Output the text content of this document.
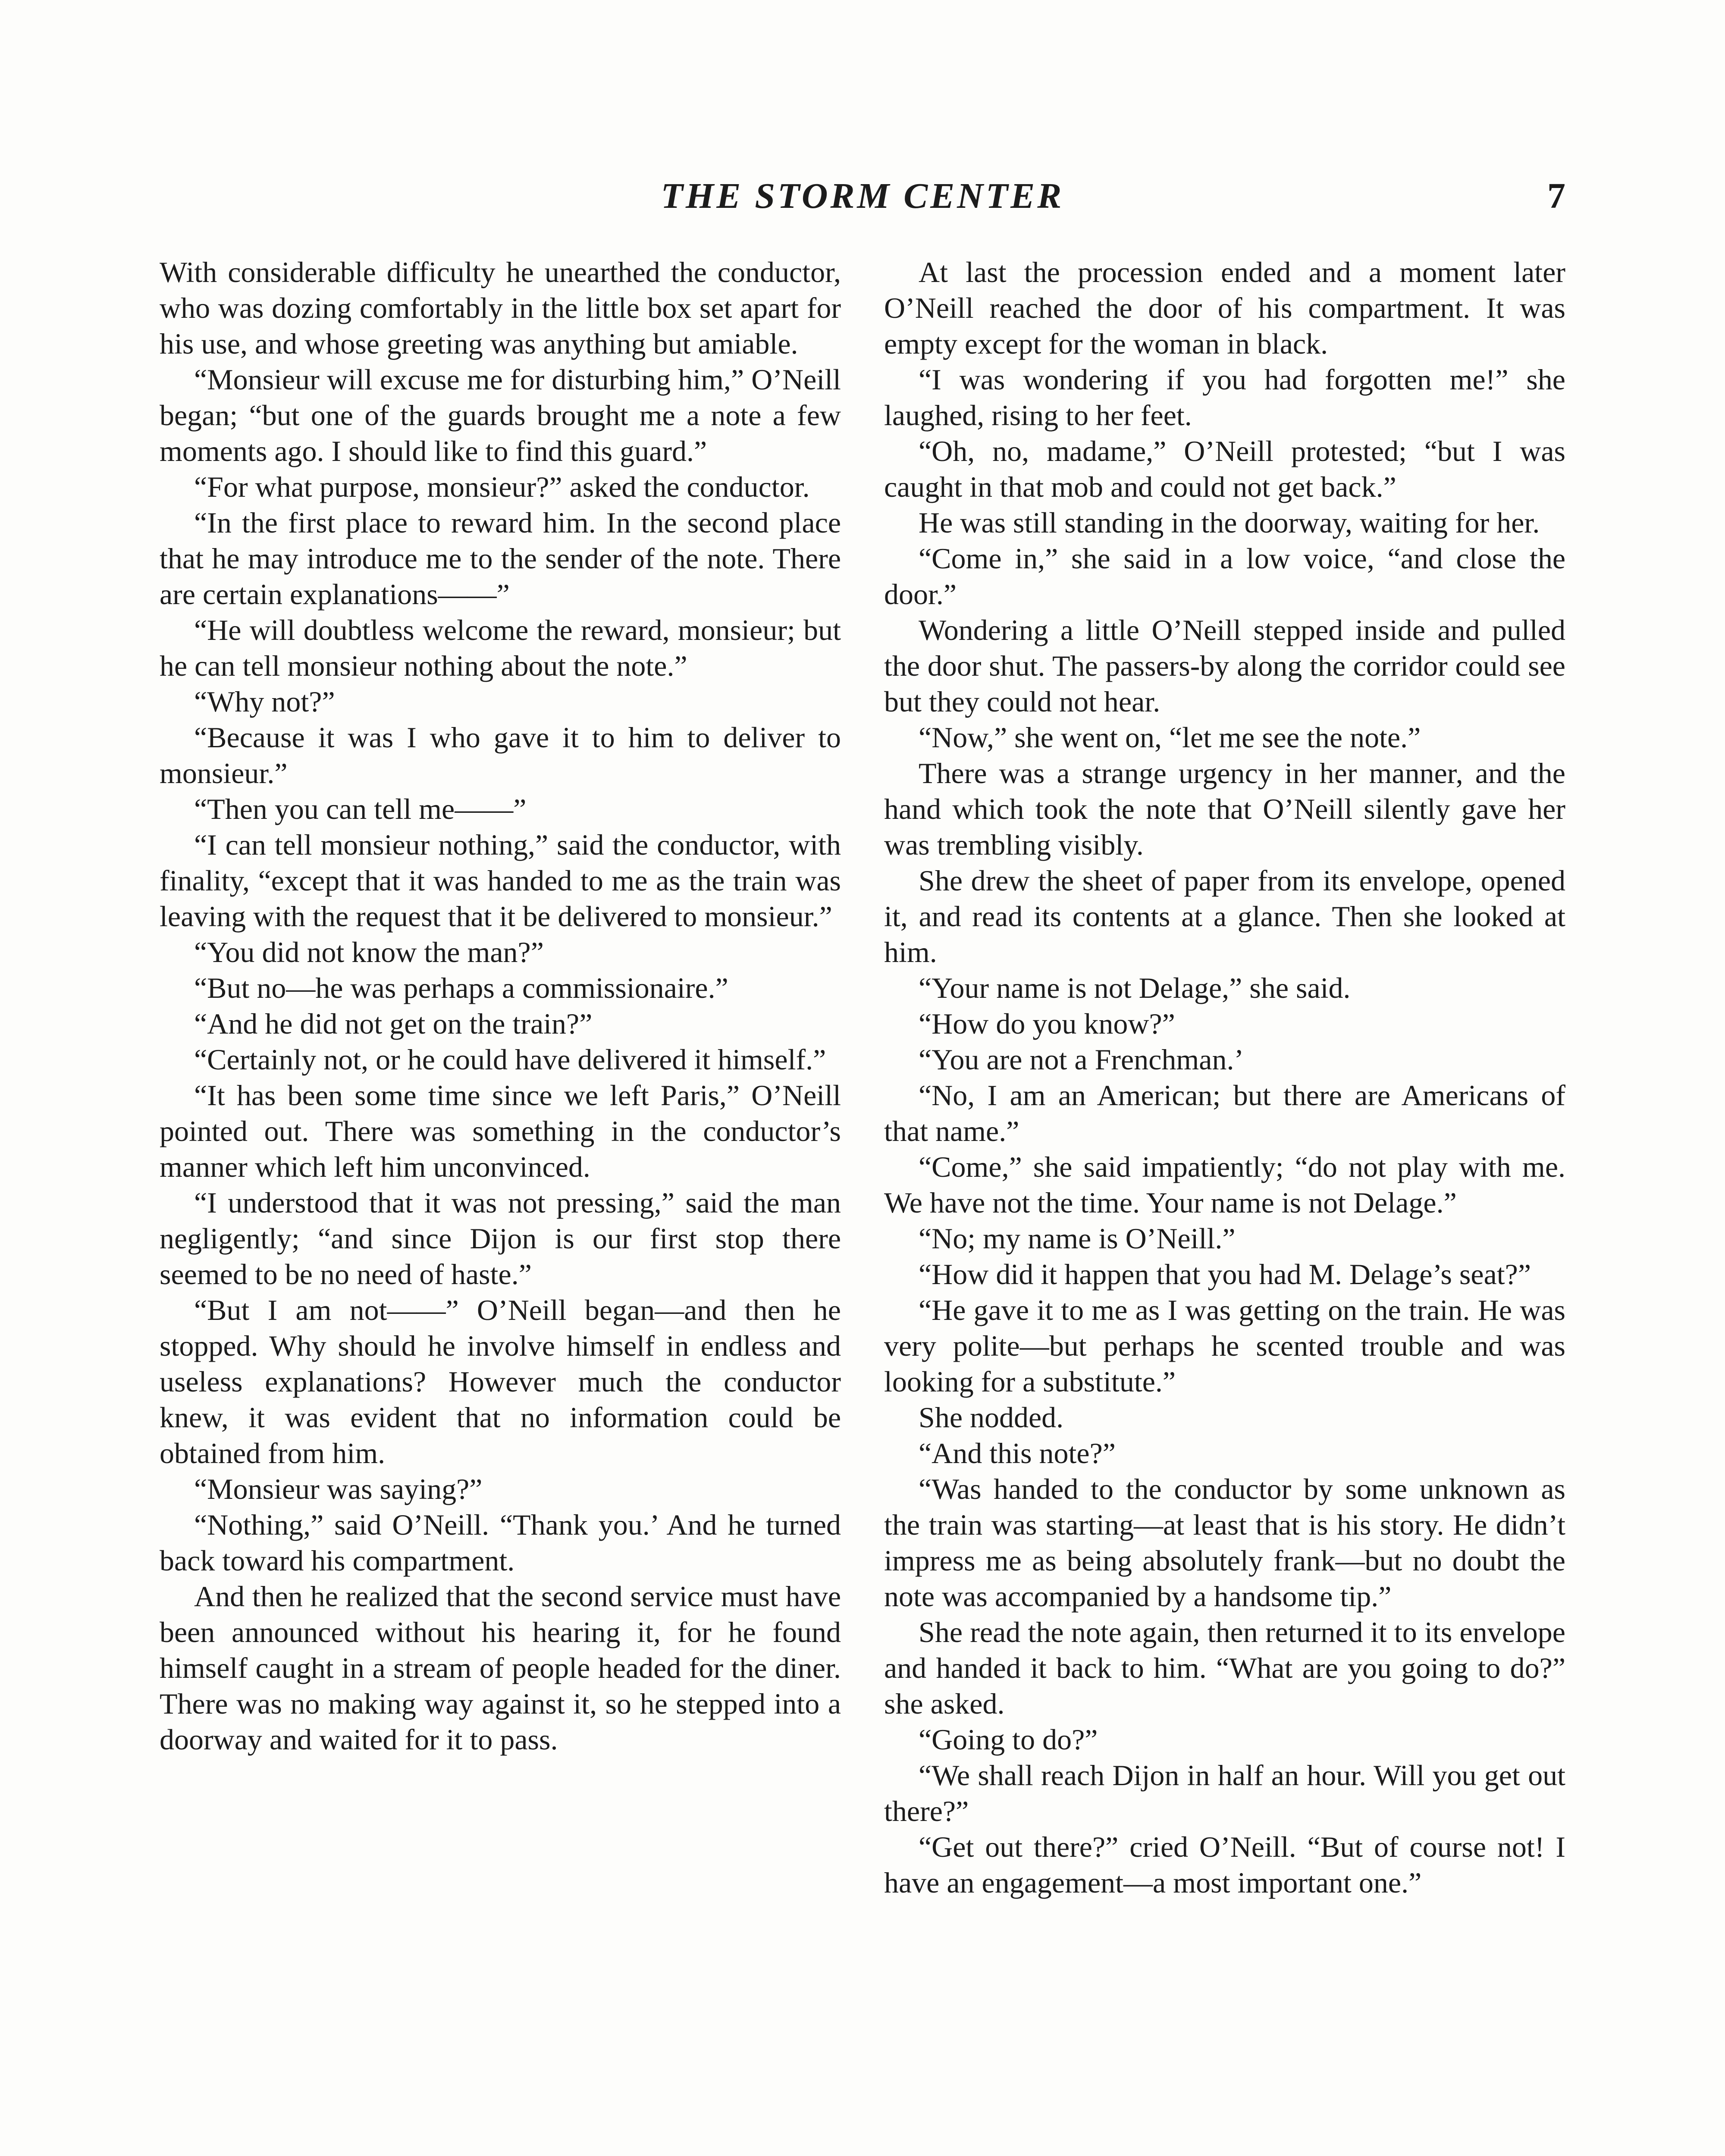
THE STORM CENTER	7

With considerable difficulty he unearthed the conductor, who was dozing comfortably in the little box set apart for his use, and whose greeting was anything but amiable.

“Monsieur will excuse me for disturbing him,” O’Neill began; “but one of the guards brought me a note a few moments ago. I should like to find this guard.”

“For what purpose, monsieur?” asked the conductor.

“In the first place to reward him. In the second place that he may introduce me to the sender of the note. There are certain explanations——”

“He will doubtless welcome the reward, monsieur; but he can tell monsieur nothing about the note.”

“Why not?”

“Because it was I who gave it to him to deliver to monsieur.”

“Then you can tell me——”

“I can tell monsieur nothing,” said the conductor, with finality, “except that it was handed to me as the train was leaving with the request that it be delivered to monsieur.”

“You did not know the man?”

“But no—he was perhaps a commissionaire.”

“And he did not get on the train?”

“Certainly not, or he could have delivered it himself.”

“It has been some time since we left Paris,” O’Neill pointed out. There was something in the conductor’s manner which left him unconvinced.

“I understood that it was not pressing,” said the man negligently; “and since Dijon is our first stop there seemed to be no need of haste.”

“But I am not——” O’Neill began—and then he stopped. Why should he involve himself in endless and useless explanations? However much the conductor knew, it was evident that no information could be obtained from him.

“Monsieur was saying?”

“Nothing,” said O’Neill. “Thank you.’ And he turned back toward his compartment.

And then he realized that the second service must have been announced without his hearing it, for he found himself caught in a stream of people headed for the diner. There was no making way against it, so he stepped into a doorway and waited for it to pass.

At last the procession ended and a moment later O’Neill reached the door of his compartment. It was empty except for the woman in black.

“I was wondering if you had forgotten me!” she laughed, rising to her feet.

“Oh, no, madame,” O’Neill protested; “but I was caught in that mob and could not get back.”

He was still standing in the doorway, waiting for her.

“Come in,” she said in a low voice, “and close the door.”

Wondering a little O’Neill stepped inside and pulled the door shut. The passers-by along the corridor could see but they could not hear.

“Now,” she went on, “let me see the note.”

There was a strange urgency in her manner, and the hand which took the note that O’Neill silently gave her was trembling visibly.

She drew the sheet of paper from its envelope, opened it, and read its contents at a glance. Then she looked at him.

“Your name is not Delage,” she said.

“How do you know?”

“You are not a Frenchman.’

“No, I am an American; but there are Americans of that name.”

“Come,” she said impatiently; “do not play with me. We have not the time. Your name is not Delage.”

“No; my name is O’Neill.”

“How did it happen that you had M. Delage’s seat?”

“He gave it to me as I was getting on the train. He was very polite—but perhaps he scented trouble and was looking for a substitute.”

She nodded.

“And this note?”

“Was handed to the conductor by some unknown as the train was starting—at least that is his story. He didn’t impress me as being absolutely frank—but no doubt the note was accompanied by a handsome tip.”

She read the note again, then returned it to its envelope and handed it back to him. “What are you going to do?” she asked.

“Going to do?”

“We shall reach Dijon in half an hour. Will you get out there?”

“Get out there?” cried O’Neill. “But of course not! I have an engagement—a most important one.”
